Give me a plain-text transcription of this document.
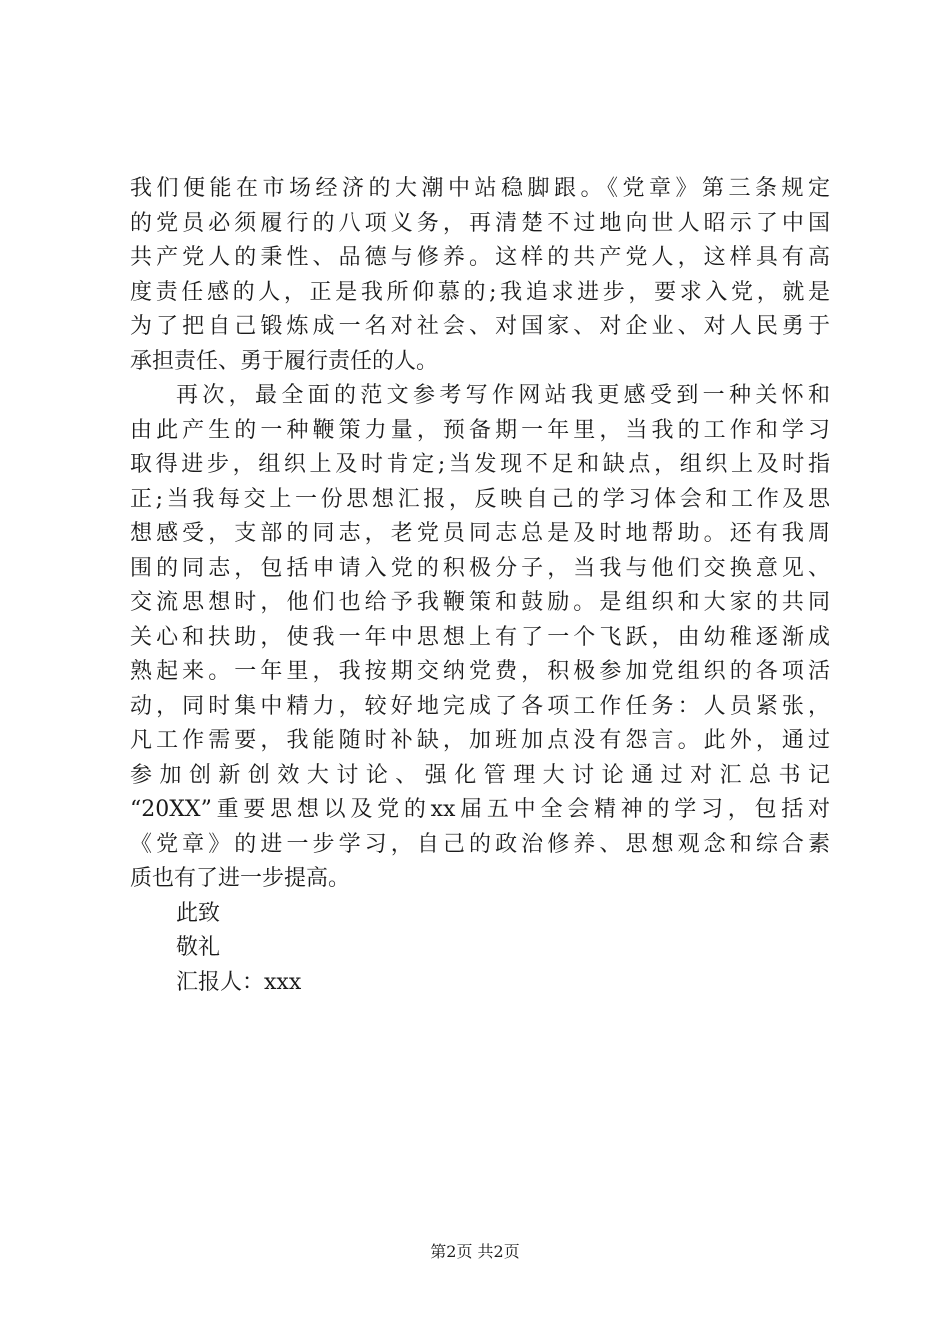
我们便能在市场经济的大潮中站稳脚跟。《党章》第三条规定
的党员必须履行的八项义务，再清楚不过地向世人昭示了中国
共产党人的秉性、品德与修养。这样的共产党人，这样具有高
度责任感的人，正是我所仰慕的;我追求进步，要求入党，就是
为了把自己锻炼成一名对社会、对国家、对企业、对人民勇于
承担责任、勇于履行责任的人。
再次，最全面的范文参考写作网站我更感受到一种关怀和
由此产生的一种鞭策力量，预备期一年里，当我的工作和学习
取得进步，组织上及时肯定;当发现不足和缺点，组织上及时指
正;当我每交上一份思想汇报，反映自己的学习体会和工作及思
想感受，支部的同志，老党员同志总是及时地帮助。还有我周
围的同志，包括申请入党的积极分子，当我与他们交换意见、
交流思想时，他们也给予我鞭策和鼓励。是组织和大家的共同
关心和扶助，使我一年中思想上有了一个飞跃，由幼稚逐渐成
熟起来。一年里，我按期交纳党费，积极参加党组织的各项活
动，同时集中精力，较好地完成了各项工作任务：人员紧张，
凡工作需要，我能随时补缺，加班加点没有怨言。此外，通过
参加创新创效大讨论、强化管理大讨论通过对汇总书记
“20XX”重要思想以及党的xx届五中全会精神的学习，包括对
《党章》的进一步学习，自己的政治修养、思想观念和综合素
质也有了进一步提高。
此致
敬礼
汇报人：xxx
第2页 共2页
